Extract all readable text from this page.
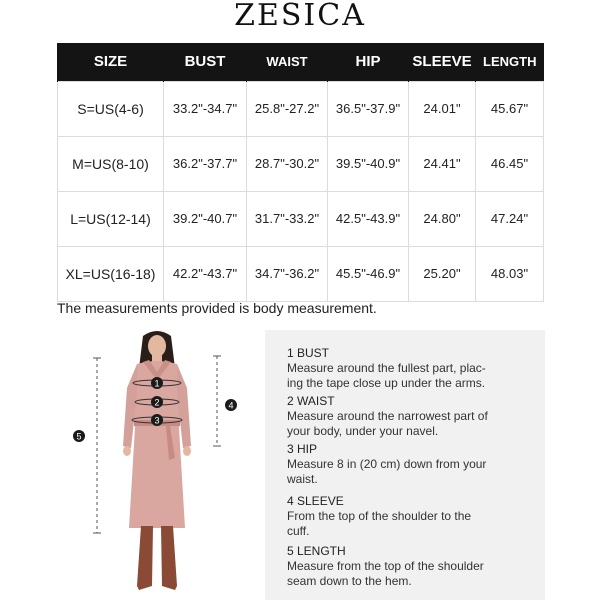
ZESICA
SIZE	BUST	WAIST	HIP	SLEEVE	LENGTH
S=US(4-6)	33.2"-34.7"	25.8"-27.2"	36.5"-37.9"	24.01"	45.67"
M=US(8-10)	36.2"-37.7"	28.7"-30.2"	39.5"-40.9"	24.41"	46.45"
L=US(12-14)	39.2"-40.7"	31.7"-33.2"	42.5"-43.9"	24.80"	47.24"
XL=US(16-18)	42.2"-43.7"	34.7"-36.2"	45.5"-46.9"	25.20"	48.03"
The measurements provided is body measurement.
1
2
3
4
5
1 BUST
Measure around the fullest part, plac-
ing the tape close up under the arms.
2 WAIST
Measure around the narrowest part of
your body, under your navel.
3 HIP
Measure 8 in (20 cm) down from your
waist.
4 SLEEVE
From the top of the shoulder to the
cuff.
5 LENGTH
Measure from the top of the shoulder
seam down to the hem.
